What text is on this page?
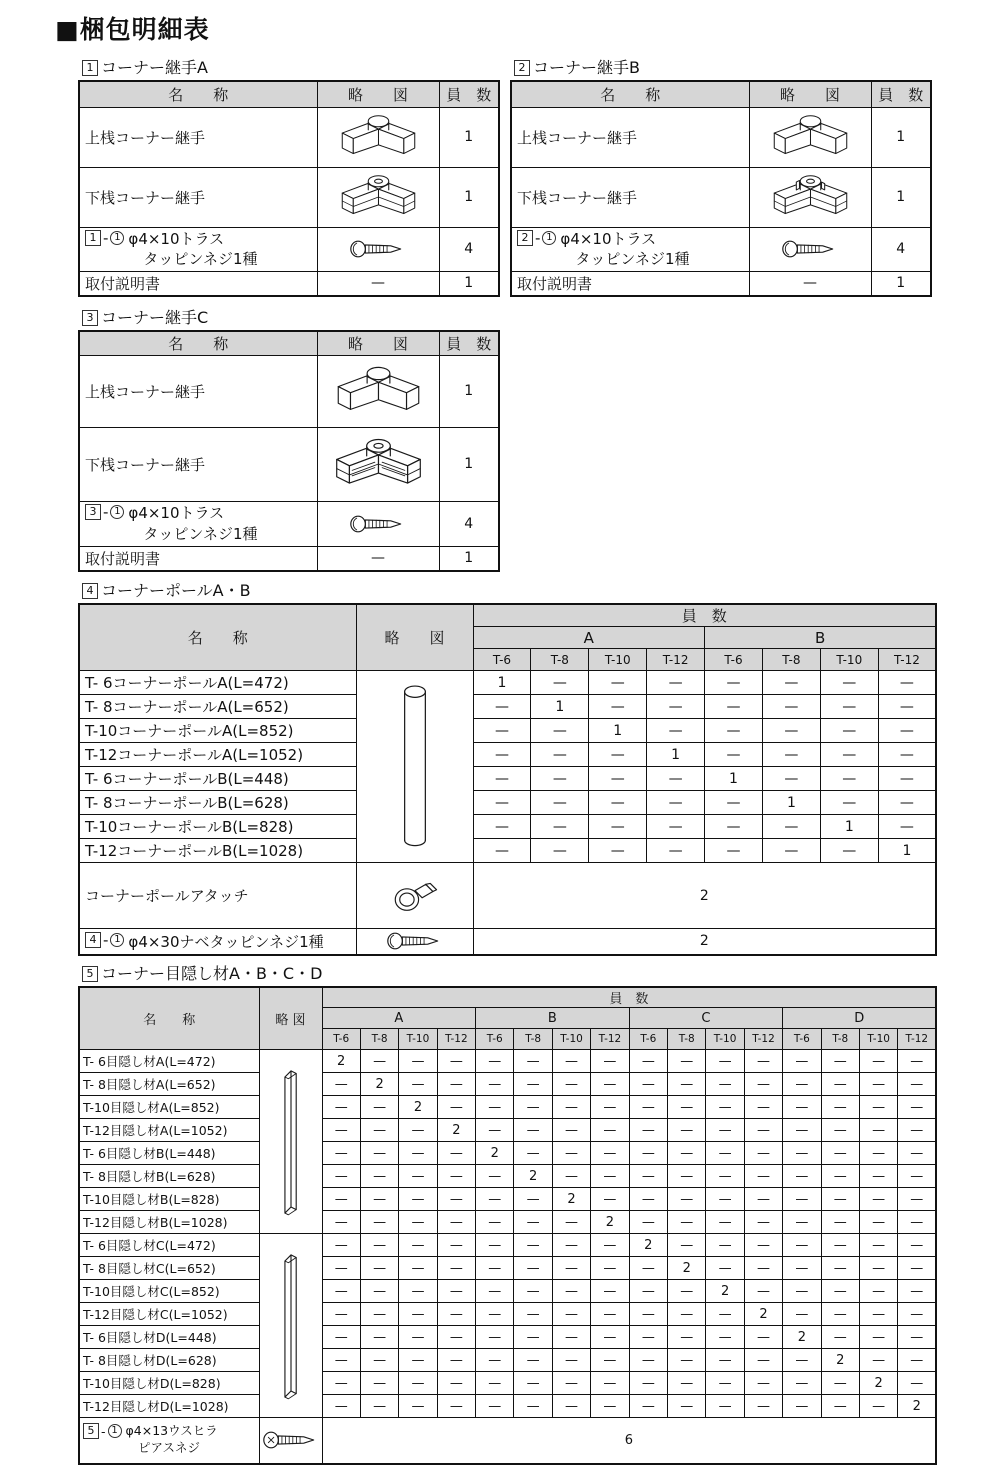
■梱包明細表
1 コーナー継手A
名　　称	略　　図	員　数
上桟コーナー継手		1
下桟コーナー継手		1

1 - 1 φ4×10トラス
　タッピンネジ1種		4
取付説明書	—	1
2 コーナー継手B
名　　称	略　　図	員　数
上桟コーナー継手		1
下桟コーナー継手		1

2 - 1 φ4×10トラス
　タッピンネジ1種		4
取付説明書	—	1
3 コーナー継手C
名　　称	略　　図	員　数
上桟コーナー継手		1
下桟コーナー継手		1

3 - 1 φ4×10トラス
　タッピンネジ1種		4
取付説明書	—	1
4 コーナーポールA・B
名　　称	略　　図	員　数							
		A				B			
		T-6	T-8	T-10	T-12	T-6	T-8	T-10	T-12
T- 6コーナーポールA(L=472)		1	—	—	—	—	—	—	—
T- 8コーナーポールA(L=652)		—	1	—	—	—	—	—	—
T-10コーナーポールA(L=852)		—	—	1	—	—	—	—	—
T-12コーナーポールA(L=1052)		—	—	—	1	—	—	—	—
T- 6コーナーポールB(L=448)		—	—	—	—	1	—	—	—
T- 8コーナーポールB(L=628)		—	—	—	—	—	1	—	—
T-10コーナーポールB(L=828)		—	—	—	—	—	—	1	—
T-12コーナーポールB(L=1028)		—	—	—	—	—	—	—	1
コーナーポールアタッチ		2							

4 - 1 φ4×30ナベタッピンネジ1種		2							
5 コーナー目隠し材A・B・C・D
名　　称	略 図	員　数															
		A				B				C				D			
		T-6	T-8	T-10	T-12	T-6	T-8	T-10	T-12	T-6	T-8	T-10	T-12	T-6	T-8	T-10	T-12
T- 6目隠し材A(L=472)		2	—	—	—	—	—	—	—	—	—	—	—	—	—	—	—
T- 8目隠し材A(L=652)		—	2	—	—	—	—	—	—	—	—	—	—	—	—	—	—
T-10目隠し材A(L=852)		—	—	2	—	—	—	—	—	—	—	—	—	—	—	—	—
T-12目隠し材A(L=1052)		—	—	—	2	—	—	—	—	—	—	—	—	—	—	—	—
T- 6目隠し材B(L=448)		—	—	—	—	2	—	—	—	—	—	—	—	—	—	—	—
T- 8目隠し材B(L=628)		—	—	—	—	—	2	—	—	—	—	—	—	—	—	—	—
T-10目隠し材B(L=828)		—	—	—	—	—	—	2	—	—	—	—	—	—	—	—	—
T-12目隠し材B(L=1028)		—	—	—	—	—	—	—	2	—	—	—	—	—	—	—	—
T- 6目隠し材C(L=472)		—	—	—	—	—	—	—	—	2	—	—	—	—	—	—	—
T- 8目隠し材C(L=652)		—	—	—	—	—	—	—	—	—	2	—	—	—	—	—	—
T-10目隠し材C(L=852)		—	—	—	—	—	—	—	—	—	—	2	—	—	—	—	—
T-12目隠し材C(L=1052)		—	—	—	—	—	—	—	—	—	—	—	2	—	—	—	—
T- 6目隠し材D(L=448)		—	—	—	—	—	—	—	—	—	—	—	—	2	—	—	—
T- 8目隠し材D(L=628)		—	—	—	—	—	—	—	—	—	—	—	—	—	2	—	—
T-10目隠し材D(L=828)		—	—	—	—	—	—	—	—	—	—	—	—	—	—	2	—
T-12目隠し材D(L=1028)		—	—	—	—	—	—	—	—	—	—	—	—	—	—	—	2

5 - 1 φ4×13ウスヒラ
　ピアスネジ		6															
